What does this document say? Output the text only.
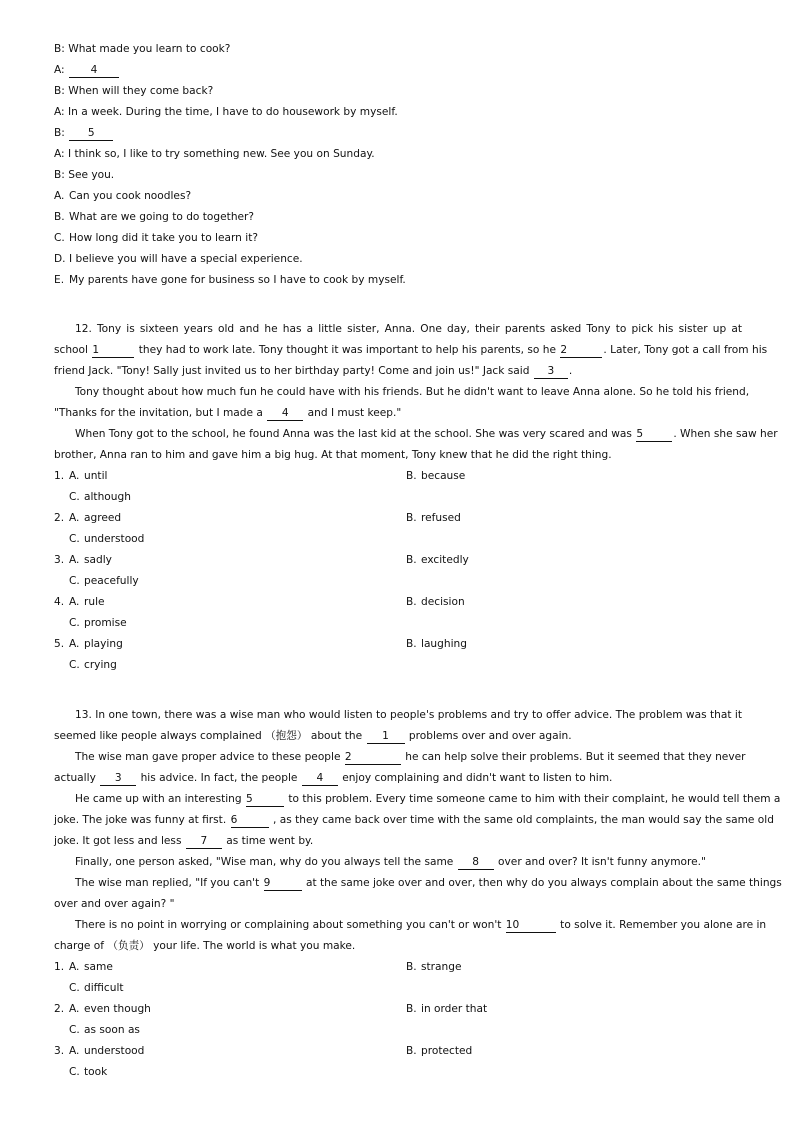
B: What made you learn to cook?
A: 4
B: When will they come back?
A: In a week. During the time, I have to do housework by myself.
B: 5
A: I think so, I like to try something new. See you on Sunday.
B: See you.
A. Can you cook noodles?
B. What are we going to do together?
C. How long did it take you to learn it?
D. I believe you will have a special experience.
E. My parents have gone for business so I have to cook by myself.
12. Tony is sixteen years old and he has a little sister, Anna. One day, their parents asked Tony to pick his sister up at
school 1	they had to work late. Tony thought it was important to help his parents, so he 2	. Later, Tony got a call from his
friend Jack. "Tony! Sally just invited us to her birthday party! Come and join us!" Jack said 3 .
Tony thought about how much fun he could have with his friends. But he didn't want to leave Anna alone. So he told his friend,
"Thanks for the invitation, but I made a 4 and I must keep."
When Tony got to the school, he found Anna was the last kid at the school. She was very scared and was 5	. When she saw her
brother, Anna ran to him and gave him a big hug. At that moment, Tony knew that he did the right thing.
1. A. until	B. because
C. although
2. A. agreed	B. refused
C. understood
3. A. sadly	B. excitedly
C. peacefully
4. A. rule	B. decision
C. promise
5. A. playing	B. laughing
C. crying
13. In one town, there was a wise man who would listen to people's problems and try to offer advice. The problem was that it
seemed like people always complained （抱怨） about the 1 problems over and over again.
The wise man gave proper advice to these people 2	he can help solve their problems. But it seemed that they never
actually 3 his advice. In fact, the people 4 enjoy complaining and didn't want to listen to him.
He came up with an interesting 5	to this problem. Every time someone came to him with their complaint, he would tell them a
joke. The joke was funny at first. 6	, as they came back over time with the same old complaints, the man would say the same old
joke. It got less and less 7 as time went by.
Finally, one person asked, "Wise man, why do you always tell the same 8 over and over? It isn't funny anymore."
The wise man replied, "If you can't 9	at the same joke over and over, then why do you always complain about the same things
over and over again? "
There is no point in worrying or complaining about something you can't or won't 10	to solve it. Remember you alone are in
charge of （负责） your life. The world is what you make.
1. A. same	B. strange
C. difficult
2. A. even though	B. in order that
C. as soon as
3. A. understood	B. protected
C. took
